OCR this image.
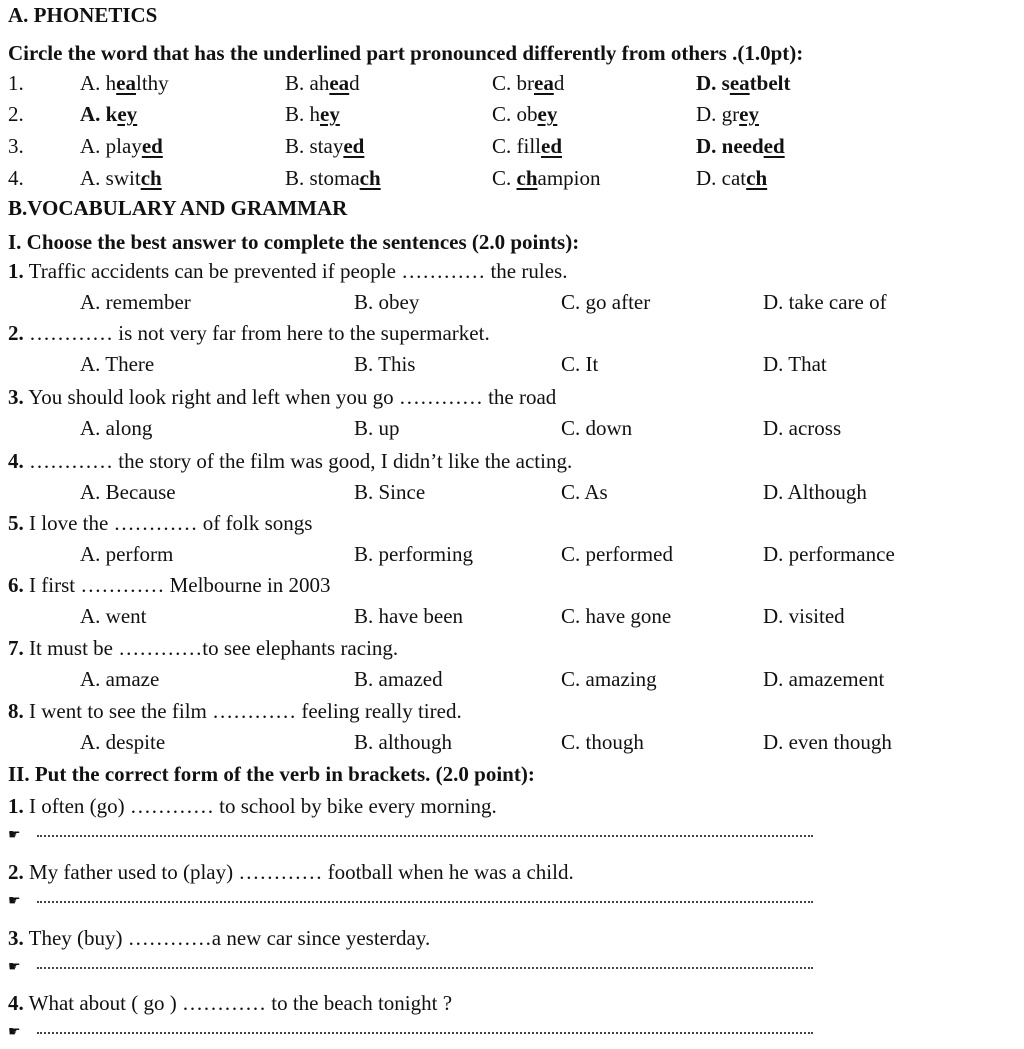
A. PHONETICS
Circle the word that has the underlined part pronounced differently from others .(1.0pt):
1.	A. healthy	B. ahead	C. bread	D. seatbelt
2.	A. key	B. hey	C. obey	D. grey
3.	A. played	B. stayed	C. filled	D. needed
4.	A. switch	B. stomach	C. champion	D. catch
B.VOCABULARY AND GRAMMAR
I. Choose the best answer to complete the sentences (2.0 points):
1. Traffic accidents can be prevented if people ………… the rules.
A. remember	B. obey	C. go after	D. take care of
2. ………… is not very far from here to the supermarket.
A. There	B. This	C. It	D. That
3. You should look right and left when you go ………… the road
A. along	B. up	C. down	D. across
4. ………… the story of the film was good, I didn’t like the acting.
A. Because	B. Since	C. As	D. Although
5. I love the ………… of folk songs
A. perform	B. performing	C. performed	D. performance
6. I first ………… Melbourne in 2003
A. went	B. have been	C. have gone	D. visited
7. It must be …………to see elephants racing.
A. amaze	B. amazed	C. amazing	D. amazement
8. I went to see the film ………… feeling really tired.
A. despite	B. although	C. though	D. even though
II. Put the correct form of the verb in brackets. (2.0 point):
1. I often (go) ………… to school by bike every morning.
☛
2. My father used to (play) ………… football when he was a child.
☛
3. They (buy) …………a new car since yesterday.
☛
4. What about ( go ) ………… to the beach tonight ?
☛
